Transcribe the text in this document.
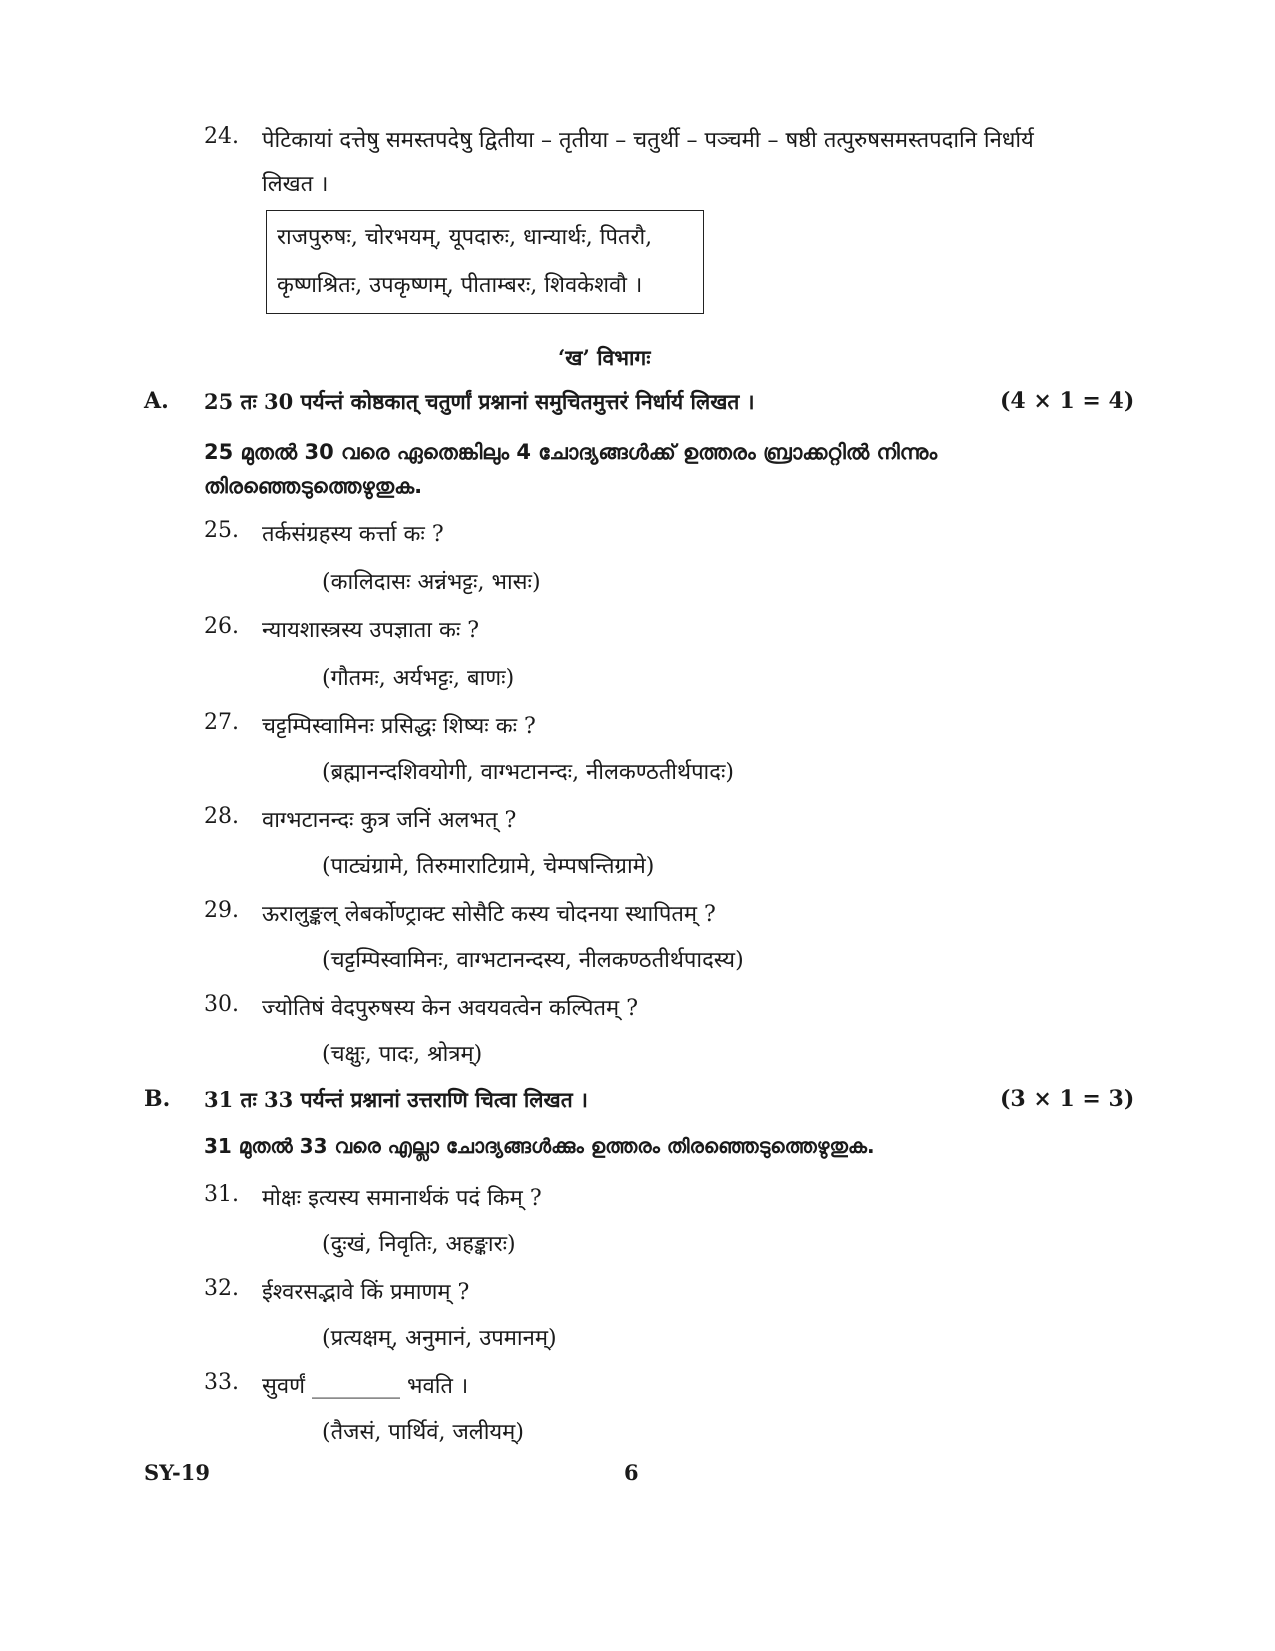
24. पेटिकायां दत्तेषु समस्तपदेषु द्वितीया – तृतीया – चतुर्थी – पञ्चमी – षष्ठी तत्पुरुषसमस्तपदानि निर्धार्य
लिखत ।
राजपुरुषः, चोरभयम्, यूपदारुः, धान्यार्थः, पितरौ,
कृष्णश्रितः, उपकृष्णम्, पीताम्बरः, शिवकेशवौ ।
‘ख’ विभागः
A. 25 तः 30 पर्यन्तं कोष्ठकात् चतुर्णां प्रश्नानां समुचितमुत्तरं निर्धार्य लिखत ।	(4 × 1 = 4)
25 മുതൽ 30 വരെ ഏതെങ്കിലും 4 ചോദ്യങ്ങൾക്ക് ഉത്തരം ബ്രാക്കറ്റിൽ നിന്നും
തിരഞ്ഞെടുത്തെഴുതുക.
25. तर्कसंग्रहस्य कर्त्ता कः ?
(कालिदासः अन्नंभट्टः, भासः)
26. न्यायशास्त्रस्य उपज्ञाता कः ?
(गौतमः, अर्यभट्टः, बाणः)
27. चट्टम्पिस्वामिनः प्रसिद्धः शिष्यः कः ?
(ब्रह्मानन्दशिवयोगी, वाग्भटानन्दः, नीलकण्ठतीर्थपादः)
28. वाग्भटानन्दः कुत्र जनिं अलभत् ?
(पाट्यंग्रामे, तिरुमाराटिग्रामे, चेम्पषन्तिग्रामे)
29. ऊरालुङ्कल् लेबर्कोण्ट्राक्ट सोसैटि कस्य चोदनया स्थापितम् ?
(चट्टम्पिस्वामिनः, वाग्भटानन्दस्य, नीलकण्ठतीर्थपादस्य)
30. ज्योतिषं वेदपुरुषस्य केन अवयवत्वेन कल्पितम् ?
(चक्षुः, पादः, श्रोत्रम्)
B. 31 तः 33 पर्यन्तं प्रश्नानां उत्तराणि चित्वा लिखत ।	(3 × 1 = 3)
31 മുതൽ 33 വരെ എല്ലാ ചോദ്യങ്ങൾക്കും ഉത്തരം തിരഞ്ഞെടുത്തെഴുതുക.
31. मोक्षः इत्यस्य समानार्थकं पदं किम् ?
(दुःखं, निवृतिः, अहङ्कारः)
32. ईश्वरसद्भावे किं प्रमाणम् ?
(प्रत्यक्षम्, अनुमानं, उपमानम्)
33. सुवर्णं ________ भवति ।
(तैजसं, पार्थिवं, जलीयम्)
SY-19	6
